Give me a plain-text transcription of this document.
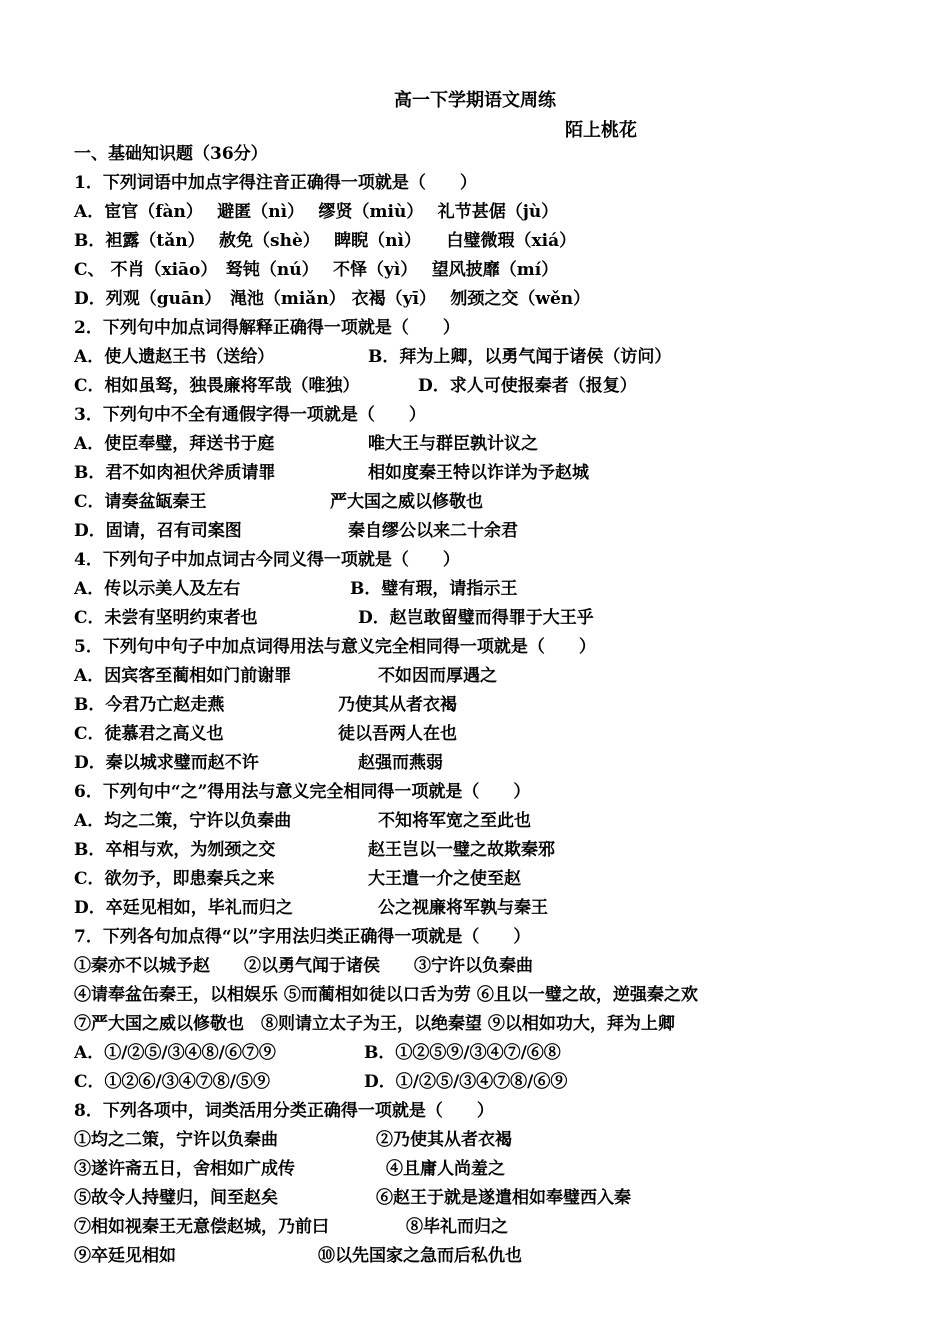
高一下学期语文周练
陌上桃花
一、基础知识题（36分）
1．下列词语中加点字得注音正确得一项就是（　　）
A．宦官（fàn）　 避匿（nì）　 缪贤（miù）　 礼节甚倨（jù）
B．袒露（tǎn）　 赦免（shè）　 睥睨（nì）　　白璧微瑕（xiá）
C、 不肖（xiāo）　驽钝（nú）　 不怿（yì）　 望风披靡（mí）
D．列观（guān）　渑池（miǎn） 衣褐（yī）　 刎颈之交（wěn）
2．下列句中加点词得解释正确得一项就是（　　）
A．使人遗赵王书（送给）	B．拜为上卿，以勇气闻于诸侯（访问）
C．相如虽驽，独畏廉将军哉（唯独）	D．求人可使报秦者（报复）
3．下列句中不全有通假字得一项就是（　　）
A．使臣奉璧，拜送书于庭	唯大王与群臣孰计议之
B．君不如肉袒伏斧质请罪	相如度秦王特以诈详为予赵城
C．请奏盆缻秦王	严大国之威以修敬也
D．固请，召有司案图	秦自缪公以来二十余君
4．下列句子中加点词古今同义得一项就是（　　）
A．传以示美人及左右	B．璧有瑕，请指示王
C．未尝有坚明约束者也	D．赵岂敢留璧而得罪于大王乎
5．下列句中句子中加点词得用法与意义完全相同得一项就是（　　）
A．因宾客至蔺相如门前谢罪	不如因而厚遇之
B．今君乃亡赵走燕	乃使其从者衣褐
C．徒慕君之高义也	徒以吾两人在也
D．秦以城求璧而赵不许	赵强而燕弱
6．下列句中“之”得用法与意义完全相同得一项就是（　　）
A．均之二策，宁许以负秦曲	不知将军宽之至此也
B．卒相与欢，为刎颈之交	赵王岂以一璧之故欺秦邪
C．欲勿予，即患秦兵之来	大王遣一介之使至赵
D．卒廷见相如，毕礼而归之	公之视廉将军孰与秦王
7．下列各句加点得“以”字用法归类正确得一项就是（　　）
①秦亦不以城予赵　　②以勇气闻于诸侯　　③宁许以负秦曲
④请奉盆缶秦王，以相娱乐 ⑤而蔺相如徒以口舌为劳 ⑥且以一璧之故，逆强秦之欢
⑦严大国之威以修敬也　⑧则请立太子为王，以绝秦望 ⑨以相如功大，拜为上卿
A．①/②⑤/③④⑧/⑥⑦⑨	B．①②⑤⑨/③④⑦/⑥⑧
C．①②⑥/③④⑦⑧/⑤⑨	D．①/②⑤/③④⑦⑧/⑥⑨
8．下列各项中，词类活用分类正确得一项就是（　　）
①均之二策，宁许以负秦曲	②乃使其从者衣褐
③遂许斋五日，舍相如广成传	④且庸人尚羞之
⑤故令人持璧归，间至赵矣	⑥赵王于就是遂遣相如奉璧西入秦
⑦相如视秦王无意偿赵城，乃前曰	⑧毕礼而归之
⑨卒廷见相如	⑩以先国家之急而后私仇也
